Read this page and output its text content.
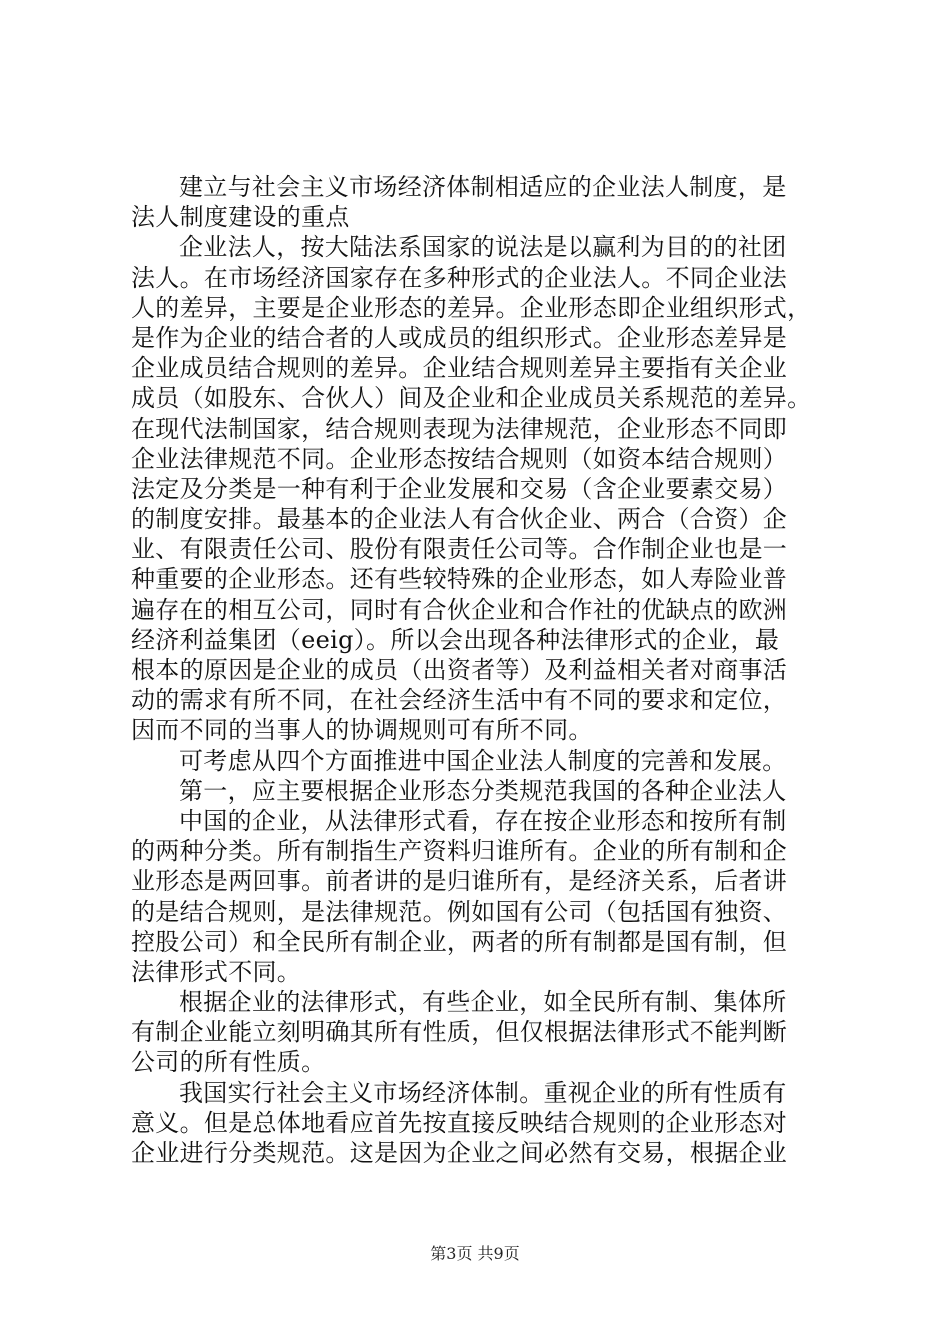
建立与社会主义市场经济体制相适应的企业法人制度，是
法人制度建设的重点
企业法人，按大陆法系国家的说法是以赢利为目的的社团
法人。在市场经济国家存在多种形式的企业法人。不同企业法
人的差异，主要是企业形态的差异。企业形态即企业组织形式，
是作为企业的结合者的人或成员的组织形式。企业形态差异是
企业成员结合规则的差异。企业结合规则差异主要指有关企业
成员（如股东、合伙人）间及企业和企业成员关系规范的差异。
在现代法制国家，结合规则表现为法律规范，企业形态不同即
企业法律规范不同。企业形态按结合规则（如资本结合规则）
法定及分类是一种有利于企业发展和交易（含企业要素交易）
的制度安排。最基本的企业法人有合伙企业、两合（合资）企
业、有限责任公司、股份有限责任公司等。合作制企业也是一
种重要的企业形态。还有些较特殊的企业形态，如人寿险业普
遍存在的相互公司，同时有合伙企业和合作社的优缺点的欧洲
经济利益集团（eeig）。所以会出现各种法律形式的企业，最
根本的原因是企业的成员（出资者等）及利益相关者对商事活
动的需求有所不同，在社会经济生活中有不同的要求和定位，
因而不同的当事人的协调规则可有所不同。
可考虑从四个方面推进中国企业法人制度的完善和发展。
第一，应主要根据企业形态分类规范我国的各种企业法人
中国的企业，从法律形式看，存在按企业形态和按所有制
的两种分类。所有制指生产资料归谁所有。企业的所有制和企
业形态是两回事。前者讲的是归谁所有，是经济关系，后者讲
的是结合规则，是法律规范。例如国有公司（包括国有独资、
控股公司）和全民所有制企业，两者的所有制都是国有制，但
法律形式不同。
根据企业的法律形式，有些企业，如全民所有制、集体所
有制企业能立刻明确其所有性质，但仅根据法律形式不能判断
公司的所有性质。
我国实行社会主义市场经济体制。重视企业的所有性质有
意义。但是总体地看应首先按直接反映结合规则的企业形态对
企业进行分类规范。这是因为企业之间必然有交易，根据企业
第3页 共9页
